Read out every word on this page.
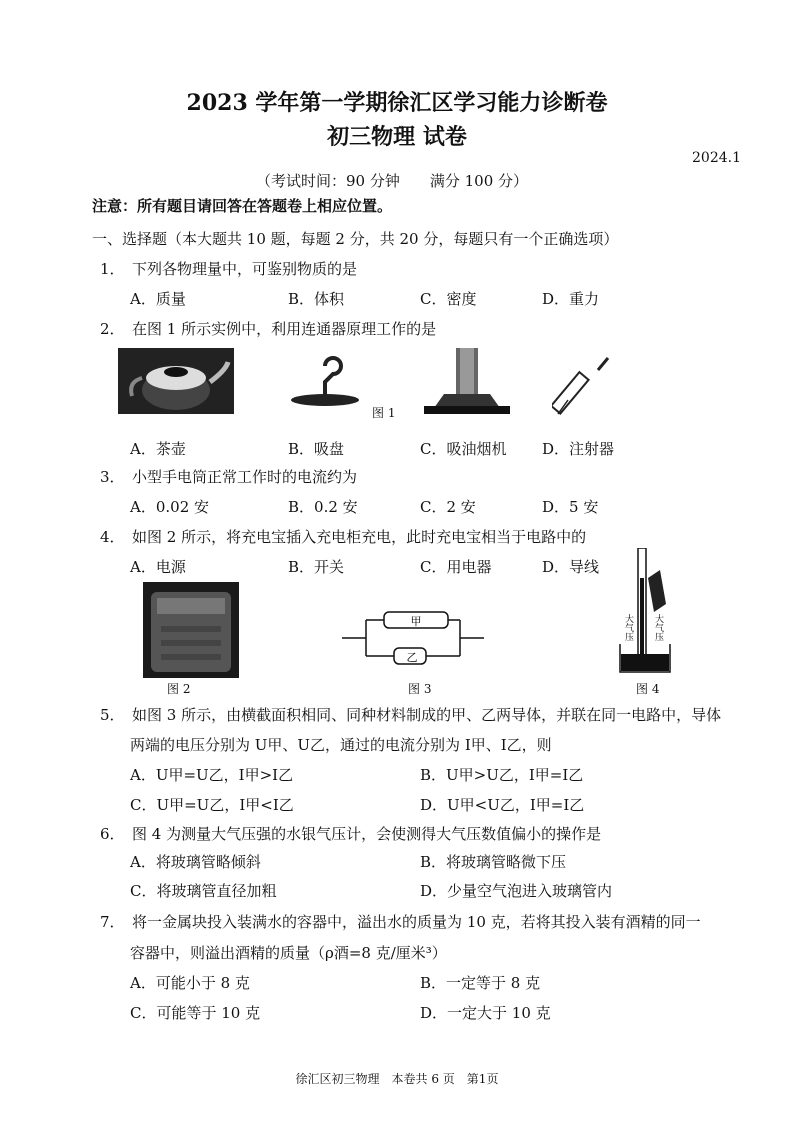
2023 学年第一学期徐汇区学习能力诊断卷
初三物理 试卷
2024.1
（考试时间：90 分钟　　满分 100 分）
注意：所有题目请回答在答题卷上相应位置。
一、选择题（本大题共 10 题，每题 2 分，共 20 分，每题只有一个正确选项）
1．　下列各物理量中，可鉴别物质的是
A．质量	B．体积	C．密度	D．重力
2．　在图 1 所示实例中，利用连通器原理工作的是
图 1
A．茶壶	B．吸盘	C．吸油烟机 D．注射器
3．　小型手电筒正常工作时的电流约为
A．0.02 安	B．0.2 安	C．2 安	D．5 安
4．　如图 2 所示，将充电宝插入充电柜充电，此时充电宝相当于电路中的
A．电源	B．开关	C．用电器	D．导线
图 2
甲
乙
图 3
大气压 大气压
图 4
5．　如图 3 所示，由横截面积相同、同种材料制成的甲、乙两导体，并联在同一电路中，导体
两端的电压分别为 U甲、U乙，通过的电流分别为 I甲、I乙，则
A．U甲=U乙，I甲>I乙	B．U甲>U乙，I甲=I乙
C．U甲=U乙，I甲<I乙	D．U甲<U乙，I甲=I乙
6．　图 4 为测量大气压强的水银气压计，会使测得大气压数值偏小的操作是
A．将玻璃管略倾斜	B．将玻璃管略微下压
C．将玻璃管直径加粗	D．少量空气泡进入玻璃管内
7．　将一金属块投入装满水的容器中，溢出水的质量为 10 克，若将其投入装有酒精的同一
容器中，则溢出酒精的质量（ρ酒=8 克/厘米³）
A．可能小于 8 克	B．一定等于 8 克
C．可能等于 10 克	D．一定大于 10 克
徐汇区初三物理　本卷共 6 页　第1页
